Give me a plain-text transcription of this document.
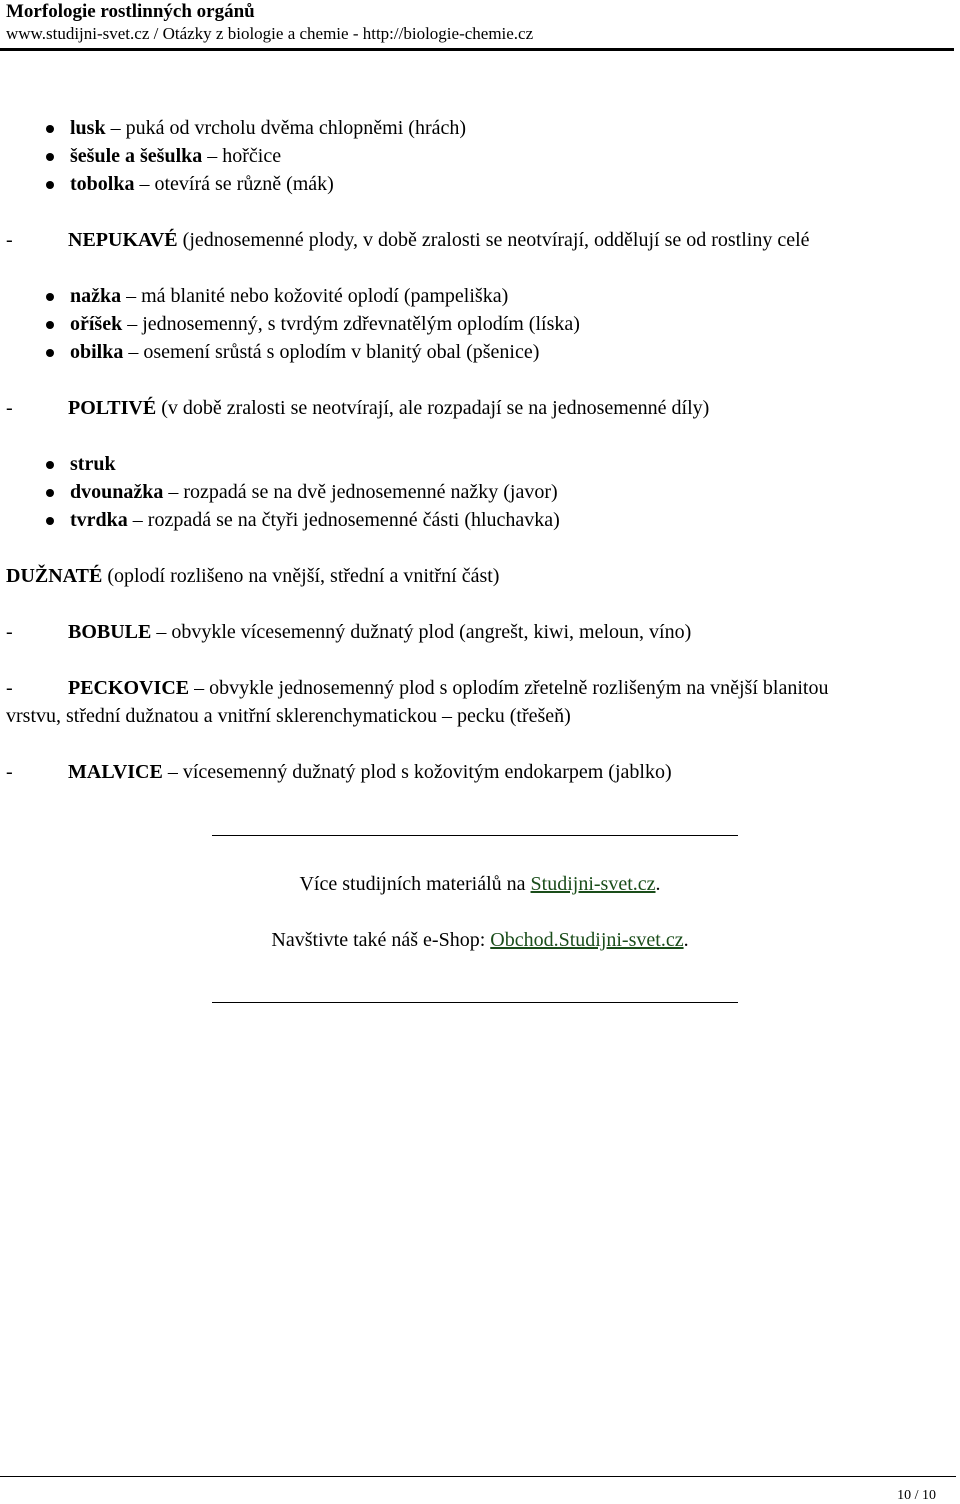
Morfologie rostlinných orgánů
www.studijni-svet.cz / Otázky z biologie a chemie - http://biologie-chemie.cz
lusk – puká od vrcholu dvěma chlopněmi (hrách)
šešule a šešulka – hořčice
tobolka – otevírá se různě (mák)
-	NEPUKAVÉ (jednosemenné plody, v době zralosti se neotvírají, oddělují se od rostliny celé
nažka – má blanité nebo kožovité oplodí (pampeliška)
oříšek – jednosemenný, s tvrdým zdřevnatělým oplodím (líska)
obilka – osemení srůstá s oplodím v blanitý obal (pšenice)
-	POLTIVÉ (v době zralosti se neotvírají, ale rozpadají se na jednosemenné díly)
struk
dvounažka – rozpadá se na dvě jednosemenné nažky (javor)
tvrdka – rozpadá se na čtyři jednosemenné části (hluchavka)
DUŽNATÉ (oplodí rozlišeno na vnější, střední a vnitřní část)
-	BOBULE – obvykle vícesemenný dužnatý plod (angrešt, kiwi, meloun, víno)
-	PECKOVICE – obvykle jednosemenný plod s oplodím zřetelně rozlišeným na vnější blanitou
vrstvu, střední dužnatou a vnitřní sklerenchymatickou – pecku (třešeň)
-	MALVICE – vícesemenný dužnatý plod s kožovitým endokarpem (jablko)
Více studijních materiálů na Studijni-svet.cz.
Navštivte také náš e-Shop: Obchod.Studijni-svet.cz.
10 / 10
